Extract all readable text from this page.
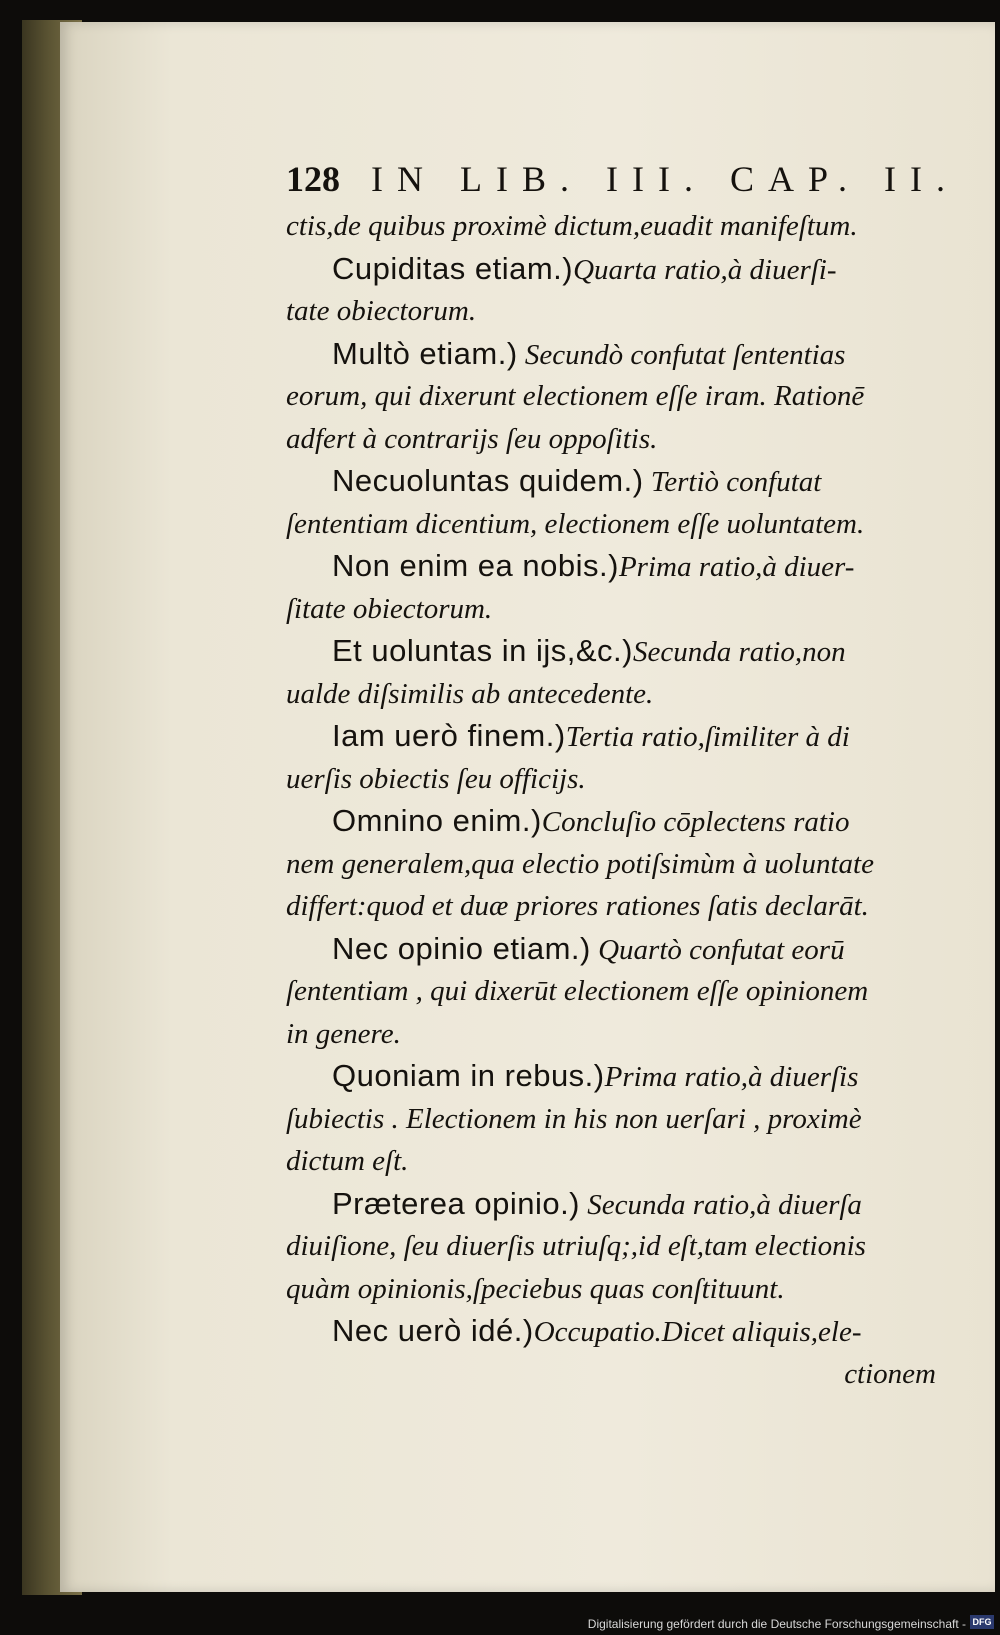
128 IN LIB. III. CAP. II.
ctis,de quibus proximè dictum,euadit manifeſtum.
Cupiditas etiam.)Quarta ratio,à diuerſi-
tate obiectorum.
Multò etiam.) Secundò confutat ſententias
eorum, qui dixerunt electionem eſſe iram. Rationē
adfert à contrarijs ſeu oppoſitis.
Necuoluntas quidem.) Tertiò confutat
ſententiam dicentium, electionem eſſe uoluntatem.
Non enim ea nobis.)Prima ratio,à diuer-
ſitate obiectorum.
Et uoluntas in ijs,&c.)Secunda ratio,non
ualde diſsimilis ab antecedente.
Iam uerò finem.)Tertia ratio,ſimiliter à di
uerſis obiectis ſeu officijs.
Omnino enim.)Concluſio cōplectens ratio
nem generalem,qua electio potiſsimùm à uoluntate
differt:quod et duæ priores rationes ſatis declarāt.
Nec opinio etiam.) Quartò confutat eorū
ſententiam , qui dixerūt electionem eſſe opinionem
in genere.
Quoniam in rebus.)Prima ratio,à diuerſis
ſubiectis . Electionem in his non uerſari , proximè
dictum eſt.
Præterea opinio.) Secunda ratio,à diuerſa
diuiſione, ſeu diuerſis utriuſq;,id eſt,tam electionis
quàm opinionis,ſpeciebus quas conſtituunt.
Nec uerò idé.)Occupatio.Dicet aliquis,ele-
ctionem
Digitalisierung gefördert durch die Deutsche Forschungsgemeinschaft - DFG
